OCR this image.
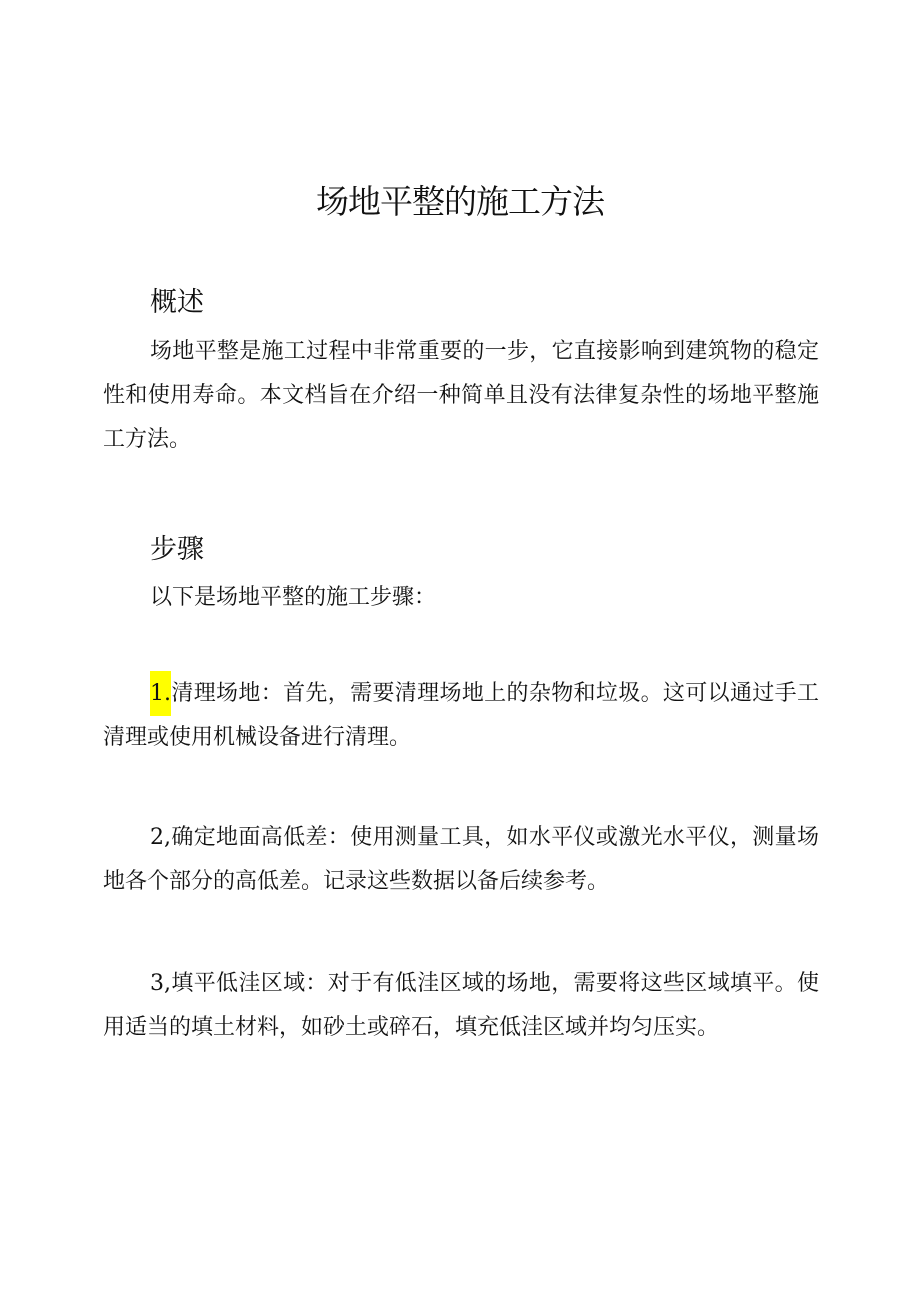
场地平整的施工方法
概述

场地平整是施工过程中非常重要的一步，它直接影响到建筑物的稳定性和使用寿命。本文档旨在介绍一种简单且没有法律复杂性的场地平整施工方法。

步骤

以下是场地平整的施工步骤：

1.清理场地：首先，需要清理场地上的杂物和垃圾。这可以通过手工清理或使用机械设备进行清理。

2,确定地面高低差：使用测量工具，如水平仪或激光水平仪，测量场地各个部分的高低差。记录这些数据以备后续参考。

3,填平低洼区域：对于有低洼区域的场地，需要将这些区域填平。使用适当的填土材料，如砂土或碎石，填充低洼区域并均匀压实。
